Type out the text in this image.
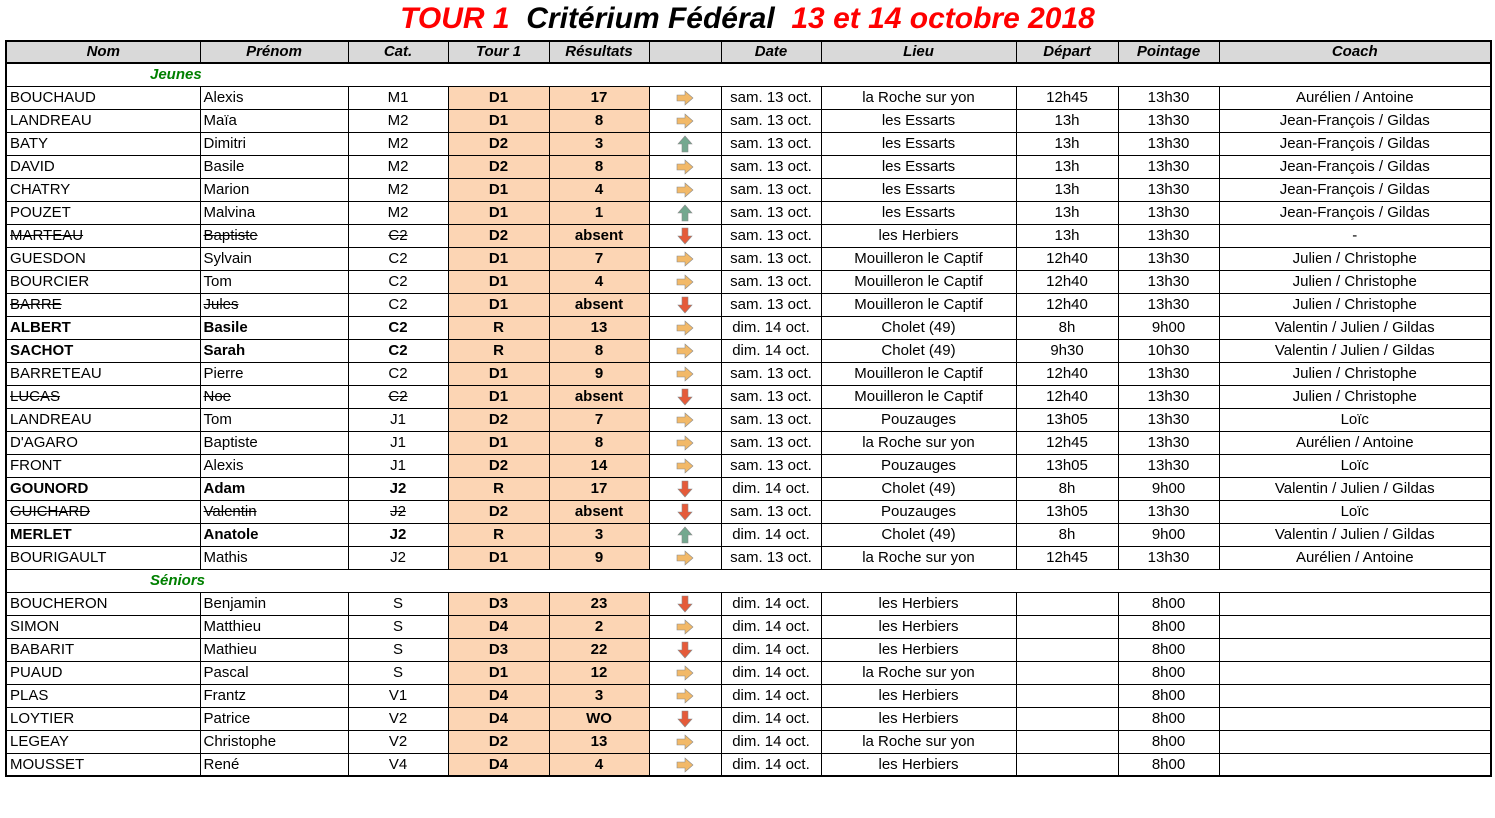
TOUR 1 Critérium Fédéral 13 et 14 octobre 2018
Nom	Prénom	Cat.	Tour 1	Résultats		Date	Lieu	Départ	Pointage	Coach
Jeunes										
BOUCHAUD	Alexis	M1	D1	17		sam. 13 oct.	la Roche sur yon	12h45	13h30	Aurélien / Antoine
LANDREAU	Maïa	M2	D1	8		sam. 13 oct.	les Essarts	13h	13h30	Jean-François / Gildas
BATY	Dimitri	M2	D2	3		sam. 13 oct.	les Essarts	13h	13h30	Jean-François / Gildas
DAVID	Basile	M2	D2	8		sam. 13 oct.	les Essarts	13h	13h30	Jean-François / Gildas
CHATRY	Marion	M2	D1	4		sam. 13 oct.	les Essarts	13h	13h30	Jean-François / Gildas
POUZET	Malvina	M2	D1	1		sam. 13 oct.	les Essarts	13h	13h30	Jean-François / Gildas
MARTEAU	Baptiste	C2	D2	absent		sam. 13 oct.	les Herbiers	13h	13h30	-
GUESDON	Sylvain	C2	D1	7		sam. 13 oct.	Mouilleron le Captif	12h40	13h30	Julien / Christophe
BOURCIER	Tom	C2	D1	4		sam. 13 oct.	Mouilleron le Captif	12h40	13h30	Julien / Christophe
BARRE	Jules	C2	D1	absent		sam. 13 oct.	Mouilleron le Captif	12h40	13h30	Julien / Christophe
ALBERT	Basile	C2	R	13		dim. 14 oct.	Cholet (49)	8h	9h00	Valentin / Julien / Gildas
SACHOT	Sarah	C2	R	8		dim. 14 oct.	Cholet (49)	9h30	10h30	Valentin / Julien / Gildas
BARRETEAU	Pierre	C2	D1	9		sam. 13 oct.	Mouilleron le Captif	12h40	13h30	Julien / Christophe
LUCAS	Noe	C2	D1	absent		sam. 13 oct.	Mouilleron le Captif	12h40	13h30	Julien / Christophe
LANDREAU	Tom	J1	D2	7		sam. 13 oct.	Pouzauges	13h05	13h30	Loïc
D'AGARO	Baptiste	J1	D1	8		sam. 13 oct.	la Roche sur yon	12h45	13h30	Aurélien / Antoine
FRONT	Alexis	J1	D2	14		sam. 13 oct.	Pouzauges	13h05	13h30	Loïc
GOUNORD	Adam	J2	R	17		dim. 14 oct.	Cholet (49)	8h	9h00	Valentin / Julien / Gildas
GUICHARD	Valentin	J2	D2	absent		sam. 13 oct.	Pouzauges	13h05	13h30	Loïc
MERLET	Anatole	J2	R	3		dim. 14 oct.	Cholet (49)	8h	9h00	Valentin / Julien / Gildas
BOURIGAULT	Mathis	J2	D1	9		sam. 13 oct.	la Roche sur yon	12h45	13h30	Aurélien / Antoine
Séniors										
BOUCHERON	Benjamin	S	D3	23		dim. 14 oct.	les Herbiers		8h00	
SIMON	Matthieu	S	D4	2		dim. 14 oct.	les Herbiers		8h00	
BABARIT	Mathieu	S	D3	22		dim. 14 oct.	les Herbiers		8h00	
PUAUD	Pascal	S	D1	12		dim. 14 oct.	la Roche sur yon		8h00	
PLAS	Frantz	V1	D4	3		dim. 14 oct.	les Herbiers		8h00	
LOYTIER	Patrice	V2	D4	WO		dim. 14 oct.	les Herbiers		8h00	
LEGEAY	Christophe	V2	D2	13		dim. 14 oct.	la Roche sur yon		8h00	
MOUSSET	René	V4	D4	4		dim. 14 oct.	les Herbiers		8h00	
